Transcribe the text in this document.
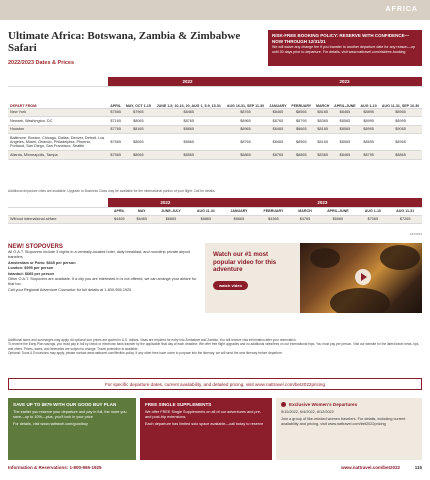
AFRICA
Ultimate Africa: Botswana, Zambia & Zimbabwe Safari
2022/2023 Dates & Prices
RISK-FREE BOOKING POLICY: RESERVE WITH CONFIDENCE—NOW THROUGH 12/31/21
We will waive any change fee if you transfer to another departure date for any reason—up until 30 days prior to departure. For details, visit www.nattravel.com/riskfree-booking
	2022				2023					
DEPART FROM:	APRIL	MAY, OCT 1-15	JUNE 1-5, 10-16, 20, AUG 1, 5-9, 15-31	AUG 16-31, SEP 11-30	JANUARY	FEBRUARY	MARCH	APRIL-JUNE	AUG 1-10	AUG 11-31, SEP 10-30
New York	$7565	$7965	$8465	$8765	$8465	$8565	$8165	$8465	$8895	$8965
Newark, Washington, DC	$7165	$8065	$8765	$8965	$8765	$8795	$8365	$8565	$8995	$8995
Houston	$7765	$8165	$8665	$8965	$8465	$8665	$8165	$8565	$8995	$9065
Baltimore, Boston, Chicago, Dallas, Denver, Detroit, Los Angeles, Miami, Orlando, Philadelphia, Phoenix, Portland, San Diego, San Francisco, Seattle	$7665	$8065	$8665	$8765	$8465	$8565	$8165	$8565	$8695	$8965
Atlanta, Minneapolis, Tampa	$7565	$8065	$8565	$8865	$8765	$8865	$8365	$8465	$8795	$8865
Additional departure cities are available. Upgrade to Business Class may be available for the international portion of your flight. Call for details.
	2022				2023					
	APRIL	MAY	JUNE-JULY	AUG 11-31	JANUARY	FEBRUARY	MARCH	APRIL-JUNE	AUG 1-10	AUG 11-31
Without international airfare	$4465	$6465	$6865	$6865	$6665	$4365	$4765	$6665	$7065	$7265
AZT2023
NEW! STOPOVERS

All O.A.T. Stopovers include 3 nights in a centrally-located hotel, daily breakfast, and roundtrip private airport transfers

Amsterdam or Paris: $845 per person

London: $995 per person

Istanbul: $685 per person

Other O.A.T. Stopovers are available. If a city you are interested in is not offered, we can arrange your airfare for that too.

Call your Regional Adventure Counselor for full details at 1-800-955-1925

Watch our #1 most popular video for this adventure
watch video
Additional taxes and surcharges may apply. All optional tour prices are quoted in U.S. dollars. Visas are required for entry into Zimbabwe and Zambia. You will receive visa information after your reservation.
To receive the Early-Plan savings, you must pay in full by check or electronic bank transfer by the applicable final day of each deadline. We offer free flight upgrades and no additional rates/fees on our international trips. You must pay per person. Visit our website for the latest travel news, tips, and offers. Prices, dates, and itineraries are subject to change. Travel protection is available.
Optional: Tours & Excursions may apply, please contact www.nattravel.com/flexible-policy. If any other fees have come to purpose into the itinerary, we will send the new itinerary before departure.
For specific departure dates, current availability, and detailed pricing, visit www.nattravel.com/bet2022pricing
SAVE UP TO $879 WITH OUR GOOD BUY PLAN
The earlier you reserve your departure and pay in full, the more you save—up to 10%—plus, you'll lock in your price
For details, visit www.nattravel.com/goodbuy
FREE SINGLE SUPPLEMENTS
We offer FREE Single Supplements on all of our adventures and pre- and post-trip extensions.
Each departure has limited solo space available—call today to reserve
Exclusive Women's Departures
5/10/2022, 6/4/2022, 8/12/2022
Join a group of like-minded women travelers. For details, including current availability and pricing, visit www.nattravel.com/bet2022pricing
Information & Reservations: 1-800-955-1925	www.nattravel.com/bet2022	115
